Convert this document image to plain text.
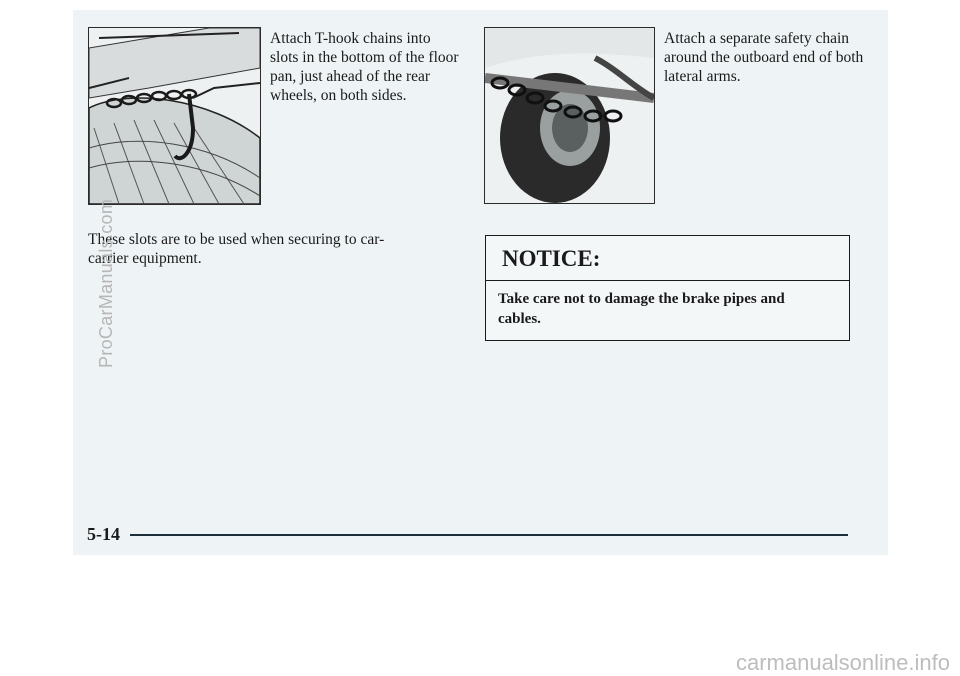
Attach T-hook chains into slots in the bottom of the floor pan, just ahead of the rear wheels, on both sides.

Attach a separate safety chain around the outboard end of both lateral arms.

These slots are to be used when securing to car-carrier equipment.	NOTICE:
Take care not to damage the brake pipes and cables.
5-14
ProCarManuals.com
carmanualsonline.info
